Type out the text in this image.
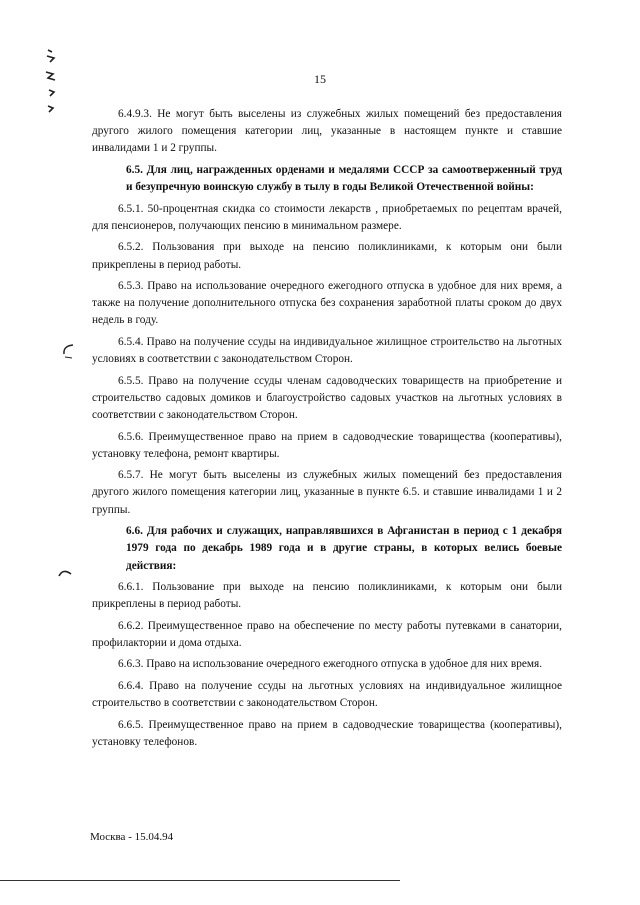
15

6.4.9.3. Не могут быть выселены из служебных жилых помещений без предоставления другого жилого помещения категории лиц, указанные в настоящем пункте и ставшие инвалидами 1 и 2 группы.

6.5. Для лиц, награжденных орденами и медалями СССР за самоотверженный труд и безупречную воинскую службу в тылу в годы Великой Отечественной войны:

6.5.1. 50-процентная скидка со стоимости лекарств , приобретаемых по рецептам врачей, для пенсионеров, получающих пенсию в минимальном размере.

6.5.2. Пользования при выходе на пенсию поликлиниками, к которым они были прикреплены в период работы.

6.5.3. Право на использование очередного ежегодного отпуска в удобное для них время, а также на получение дополнительного отпуска без сохранения заработной платы сроком до двух недель в году.

6.5.4. Право на получение ссуды на индивидуальное жилищное строительство на льготных условиях в соответствии с законодательством Сторон.

6.5.5. Право на получение ссуды членам садоводческих товариществ на приобретение и строительство садовых домиков и благоустройство садовых участков на льготных условиях в соответствии с законодательством Сторон.

6.5.6. Преимущественное право на прием в садоводческие товарищества (кооперативы), установку телефона, ремонт квартиры.

6.5.7. Не могут быть выселены из служебных жилых помещений без предоставления другого жилого помещения категории лиц, указанные в пункте 6.5. и ставшие инвалидами 1 и 2 группы.

6.6. Для рабочих и служащих, направлявшихся в Афганистан в период с 1 декабря 1979 года по декабрь 1989 года и в другие страны, в которых велись боевые действия:

6.6.1. Пользование при выходе на пенсию поликлиниками, к которым они были прикреплены в период работы.

6.6.2. Преимущественное право на обеспечение по месту работы путевками в санатории, профилактории и дома отдыха.

6.6.3. Право на использование очередного ежегодного отпуска в удобное для них время.

6.6.4. Право на получение ссуды на льготных условиях на индивидуальное жилищное строительство в соответствии с законодательством Сторон.

6.6.5. Преимущественное право на прием в садоводческие товарищества (кооперативы), установку телефонов.

Москва - 15.04.94
